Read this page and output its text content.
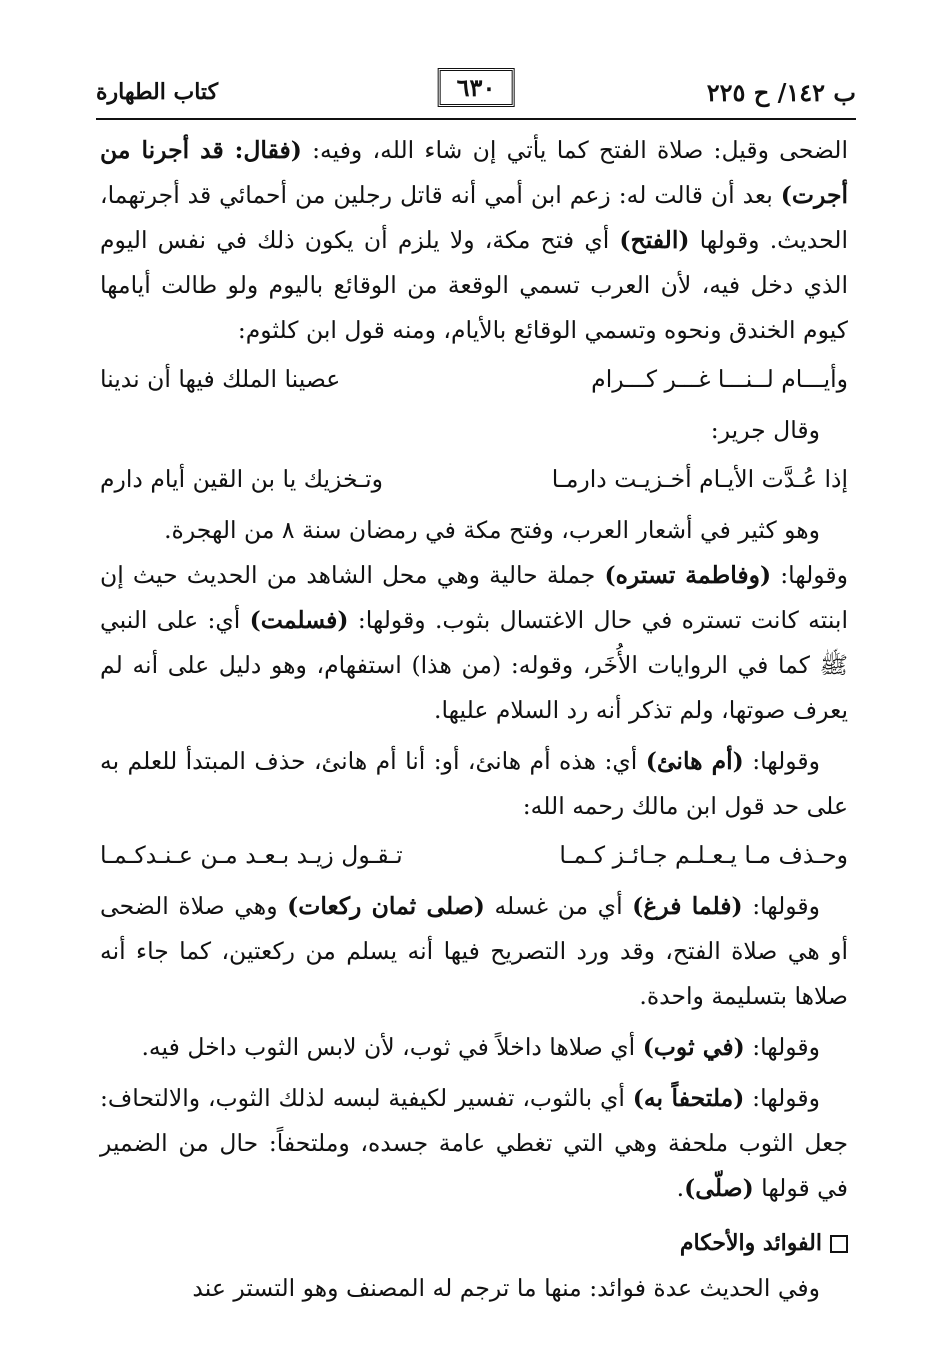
ب ١٤٢/ ح ٢٢٥
٦٣٠
كتاب الطهارة

الضحى وقيل: صلاة الفتح كما يأتي إن شاء الله، وفيه: (فقال: قد أجرنا من أجرت) بعد أن قالت له: زعم ابن أمي أنه قاتل رجلين من أحمائي قد أجرتهما، الحديث. وقولها (الفتح) أي فتح مكة، ولا يلزم أن يكون ذلك في نفس اليوم الذي دخل فيه، لأن العرب تسمي الوقعة من الوقائع باليوم ولو طالت أيامها كيوم الخندق ونحوه وتسمي الوقائع بالأيام، ومنه قول ابن كلثوم:

وأيـــام لــنـــا غـــر كـــرام
عصينا الملك فيها أن ندينا

وقال جرير:

إذا عُـدَّت الأيـام أخـزيـت دارمـا
وتـخزيك يا بن القين أيام دارم

وهو كثير في أشعار العرب، وفتح مكة في رمضان سنة ٨ من الهجرة.

وقولها: (وفاطمة تستره) جملة حالية وهي محل الشاهد من الحديث حيث إن ابنته كانت تستره في حال الاغتسال بثوب. وقولها: (فسلمت) أي: على النبي ﷺ كما في الروايات الأُخَر، وقوله: (من هذا) استفهام، وهو دليل على أنه لم يعرف صوتها، ولم تذكر أنه رد السلام عليها.

وقولها: (أم هانئ) أي: هذه أم هانئ، أو: أنا أم هانئ، حذف المبتدأ للعلم به على حد قول ابن مالك رحمه الله:

وحـذف مـا يـعـلـم جـائـز كـمـا
تـقـول زيـد بـعـد مـن عـنـدكـمـا

وقولها: (فلما فرغ) أي من غسله (صلى ثمان ركعات) وهي صلاة الضحى أو هي صلاة الفتح، وقد ورد التصريح فيها أنه يسلم من ركعتين، كما جاء أنه صلاها بتسليمة واحدة.

وقولها: (في ثوب) أي صلاها داخلاً في ثوب، لأن لابس الثوب داخل فيه.

وقولها: (ملتحفاً به) أي بالثوب، تفسير لكيفية لبسه لذلك الثوب، والالتحاف: جعل الثوب ملحفة وهي التي تغطي عامة جسده، وملتحفاً: حال من الضمير في قولها (صلّى).

الفوائد والأحكام

وفي الحديث عدة فوائد: منها ما ترجم له المصنف وهو التستر عند
